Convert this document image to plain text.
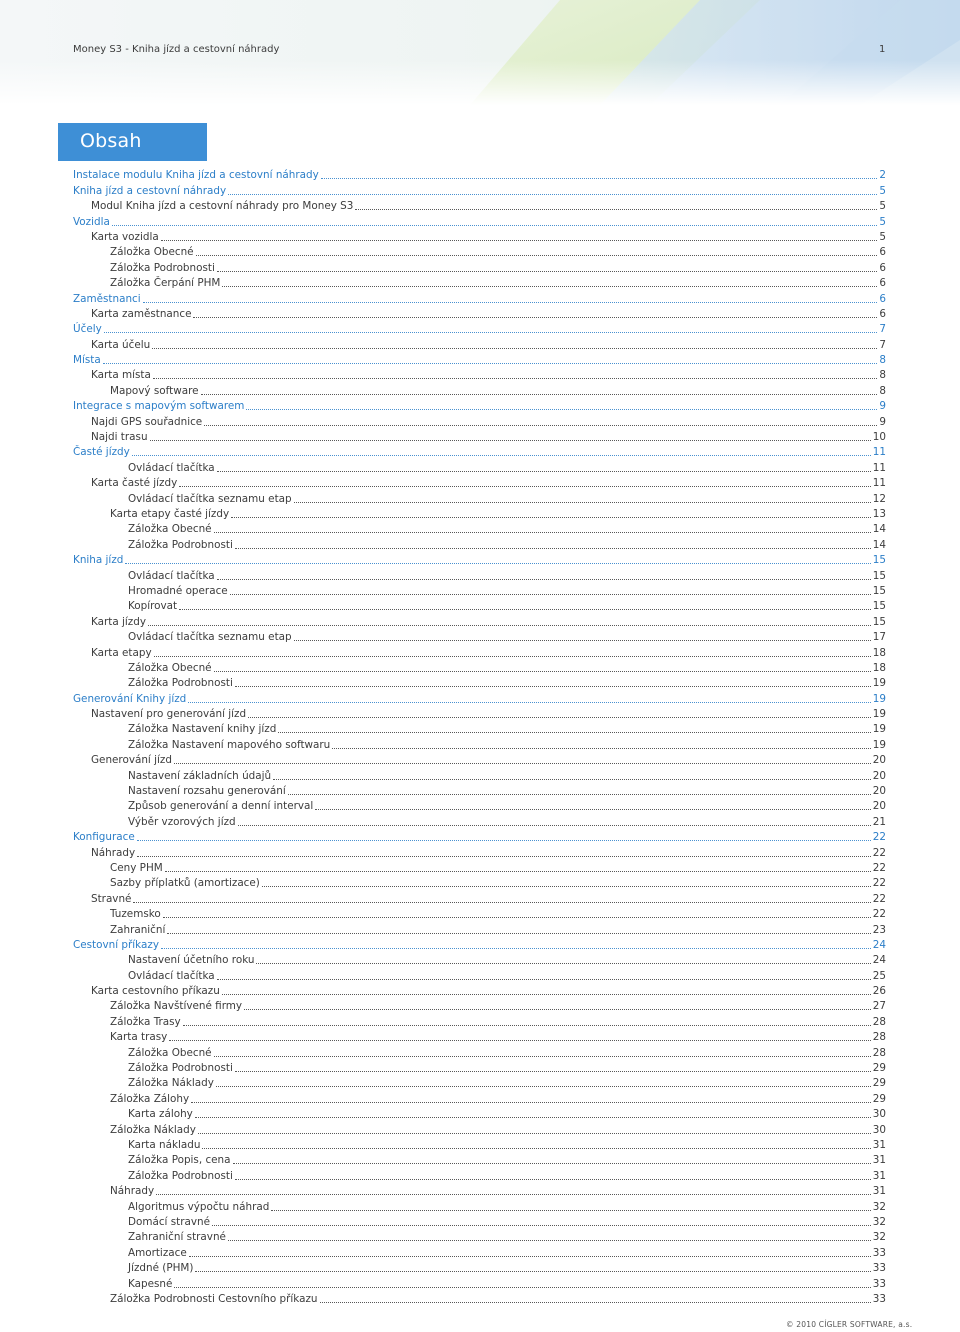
Money S3 - Kniha jízd a cestovní náhrady	1
Obsah
Instalace modulu Kniha jízd a cestovní náhrady	2
Kniha jízd a cestovní náhrady	5
Modul Kniha jízd a cestovní náhrady pro Money S3	5
Vozidla	5
Karta vozidla	5
Záložka Obecné	6
Záložka Podrobnosti	6
Záložka Čerpání PHM	6
Zaměstnanci	6
Karta zaměstnance	6
Účely	7
Karta účelu	7
Místa	8
Karta místa	8
Mapový software	8
Integrace s mapovým softwarem	9
Najdi GPS souřadnice	9
Najdi trasu	10
Časté jízdy	11
Ovládací tlačítka	11
Karta časté jízdy	11
Ovládací tlačítka seznamu etap	12
Karta etapy časté jízdy	13
Záložka Obecné	14
Záložka Podrobnosti	14
Kniha jízd	15
Ovládací tlačítka	15
Hromadné operace	15
Kopírovat	15
Karta jízdy	15
Ovládací tlačítka seznamu etap	17
Karta etapy	18
Záložka Obecné	18
Záložka Podrobnosti	19
Generování Knihy jízd	19
Nastavení pro generování jízd	19
Záložka Nastavení knihy jízd	19
Záložka Nastavení mapového softwaru	19
Generování jízd	20
Nastavení základních údajů	20
Nastavení rozsahu generování	20
Způsob generování a denní interval	20
Výběr vzorových jízd	21
Konfigurace	22
Náhrady	22
Ceny PHM	22
Sazby příplatků (amortizace)	22
Stravné	22
Tuzemsko	22
Zahraniční	23
Cestovní příkazy	24
Nastavení účetního roku	24
Ovládací tlačítka	25
Karta cestovního příkazu	26
Záložka Navštívené firmy	27
Záložka Trasy	28
Karta trasy	28
Záložka Obecné	28
Záložka Podrobnosti	29
Záložka Náklady	29
Záložka Zálohy	29
Karta zálohy	30
Záložka Náklady	30
Karta nákladu	31
Záložka Popis, cena	31
Záložka Podrobnosti	31
Náhrady	31
Algoritmus výpočtu náhrad	32
Domácí stravné	32
Zahraniční stravné	32
Amortizace	33
Jízdné (PHM)	33
Kapesné	33
Záložka Podrobnosti Cestovního příkazu	33
© 2010 CÍGLER SOFTWARE, a.s.
